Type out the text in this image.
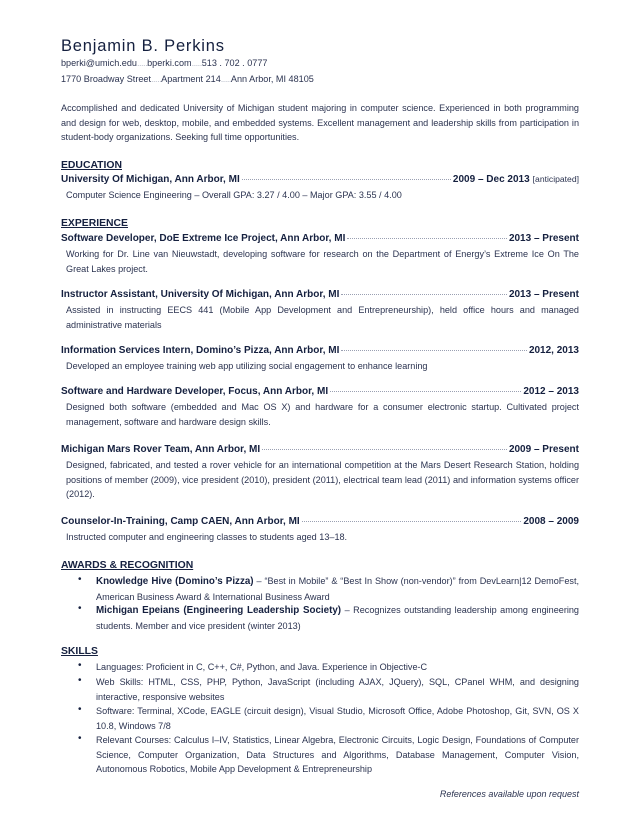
Benjamin B. Perkins
bperki@umich.edu.....bperki.com.....513 . 702 . 0777
1770 Broadway Street.....Apartment 214.....Ann Arbor, MI 48105
Accomplished and dedicated University of Michigan student majoring in computer science. Experienced in both programming and design for web, desktop, mobile, and embedded systems. Excellent management and leadership skills from participation in student-body organizations. Seeking full time opportunities.
EDUCATION
University Of Michigan, Ann Arbor, MI	2009 – Dec 2013 [anticipated]
Computer Science Engineering – Overall GPA: 3.27 / 4.00 – Major GPA: 3.55 / 4.00
EXPERIENCE
Software Developer, DoE Extreme Ice Project, Ann Arbor, MI	2013 – Present
Working for Dr. Line van Nieuwstadt, developing software for research on the Department of Energy’s Extreme Ice On The Great Lakes project.
Instructor Assistant, University Of Michigan, Ann Arbor, MI	2013 – Present
Assisted in instructing EECS 441 (Mobile App Development and Entrepreneurship), held office hours and managed administrative materials
Information Services Intern, Domino’s Pizza, Ann Arbor, MI	2012, 2013
Developed an employee training web app utilizing social engagement to enhance learning
Software and Hardware Developer, Focus, Ann Arbor, MI	2012 – 2013
Designed both software (embedded and Mac OS X) and hardware for a consumer electronic startup. Cultivated project management, software and hardware design skills.
Michigan Mars Rover Team, Ann Arbor, MI	2009 – Present
Designed, fabricated, and tested a rover vehicle for an international competition at the Mars Desert Research Station, holding positions of member (2009), vice president (2010), president (2011), electrical team lead (2011) and information systems officer (2012).
Counselor-In-Training, Camp CAEN, Ann Arbor, MI	2008 – 2009
Instructed computer and engineering classes to students aged 13–18.
AWARDS & RECOGNITION
• Knowledge Hive (Domino’s Pizza) – “Best in Mobile” & “Best In Show (non-vendor)” from DevLearn|12 DemoFest, American Business Award & International Business Award
• Michigan Epeians (Engineering Leadership Society) – Recognizes outstanding leadership among engineering students. Member and vice president (winter 2013)
SKILLS
• Languages: Proficient in C, C++, C#, Python, and Java. Experience in Objective-C
• Web Skills: HTML, CSS, PHP, Python, JavaScript (including AJAX, JQuery), SQL, CPanel WHM, and designing interactive, responsive websites
• Software: Terminal, XCode, EAGLE (circuit design), Visual Studio, Microsoft Office, Adobe Photoshop, Git, SVN, OS X 10.8, Windows 7/8
• Relevant Courses: Calculus I–IV, Statistics, Linear Algebra, Electronic Circuits, Logic Design, Foundations of Computer Science, Computer Organization, Data Structures and Algorithms, Database Management, Computer Vision, Autonomous Robotics, Mobile App Development & Entrepreneurship
References available upon request
